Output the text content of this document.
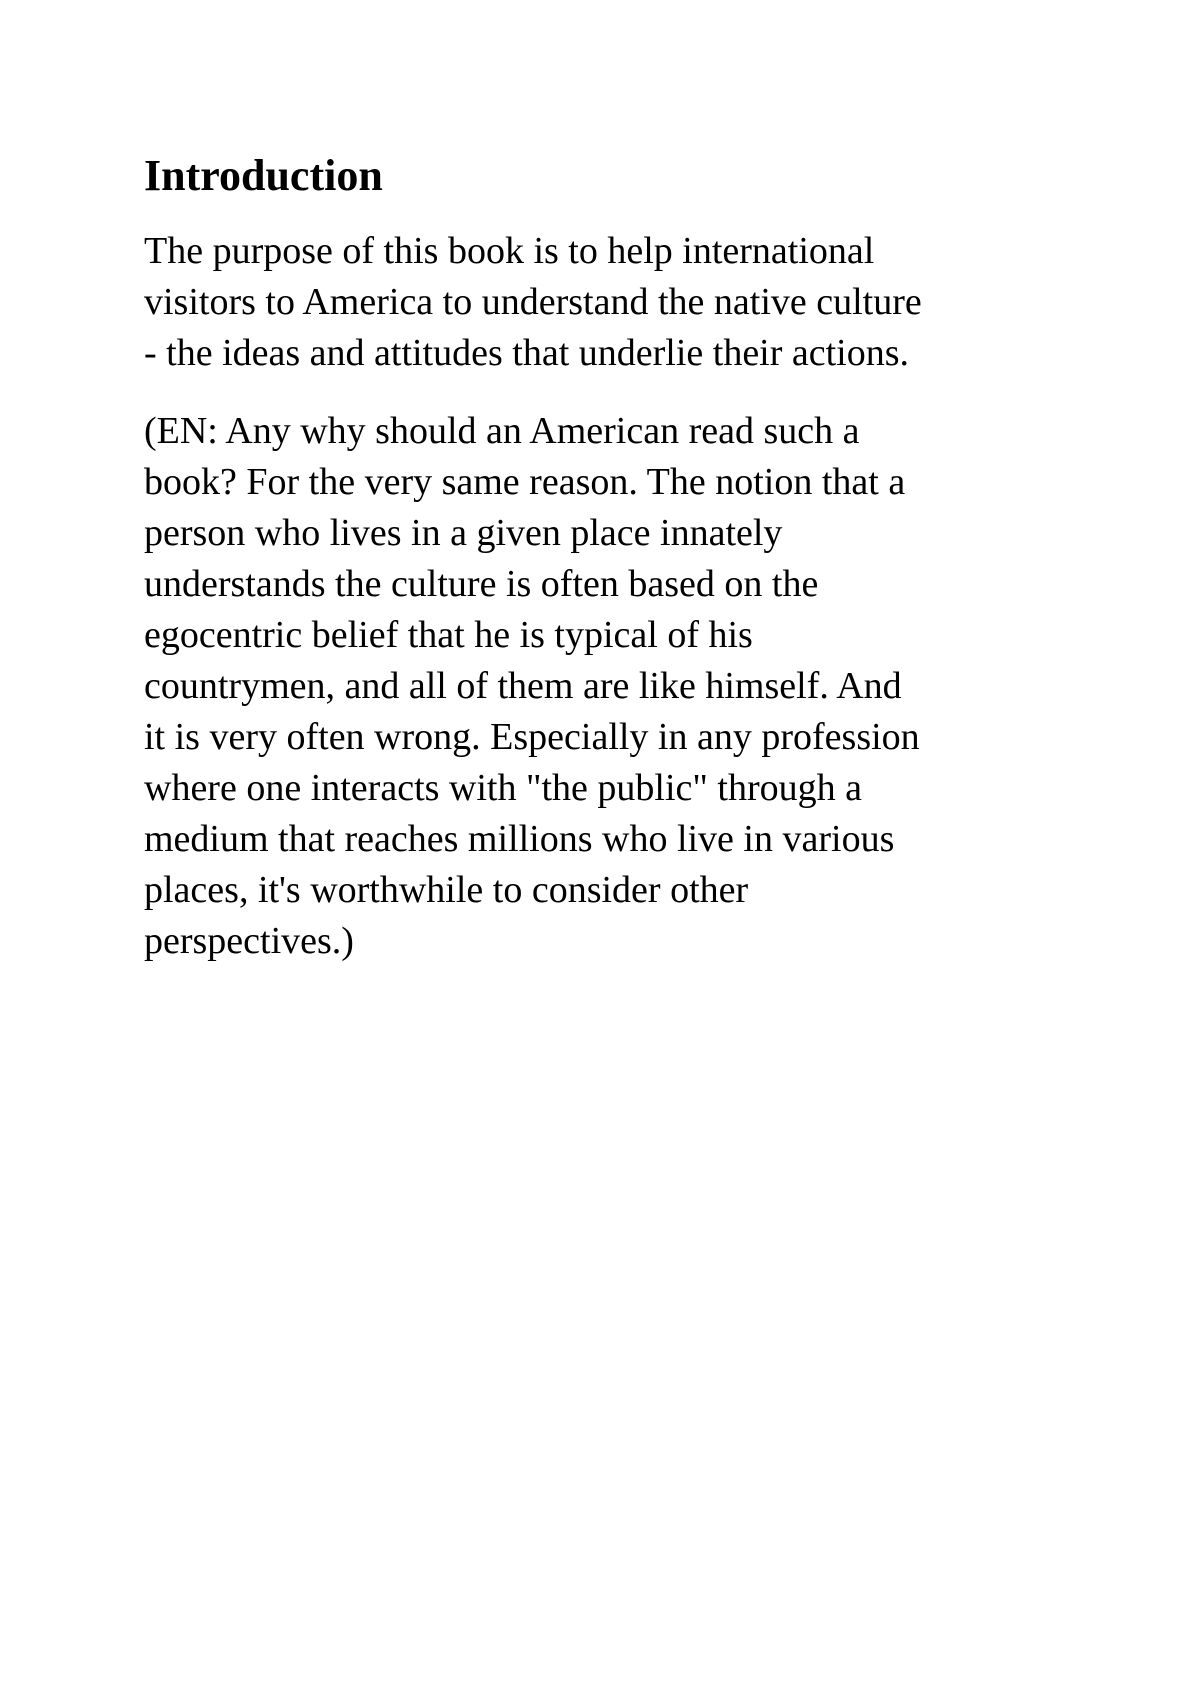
Introduction

The purpose of this book is to help international
visitors to America to understand the native culture
- the ideas and attitudes that underlie their actions.

(EN: Any why should an American read such a
book? For the very same reason. The notion that a
person who lives in a given place innately
understands the culture is often based on the
egocentric belief that he is typical of his
countrymen, and all of them are like himself. And
it is very often wrong. Especially in any profession
where one interacts with "the public" through a
medium that reaches millions who live in various
places, it's worthwhile to consider other
perspectives.)
